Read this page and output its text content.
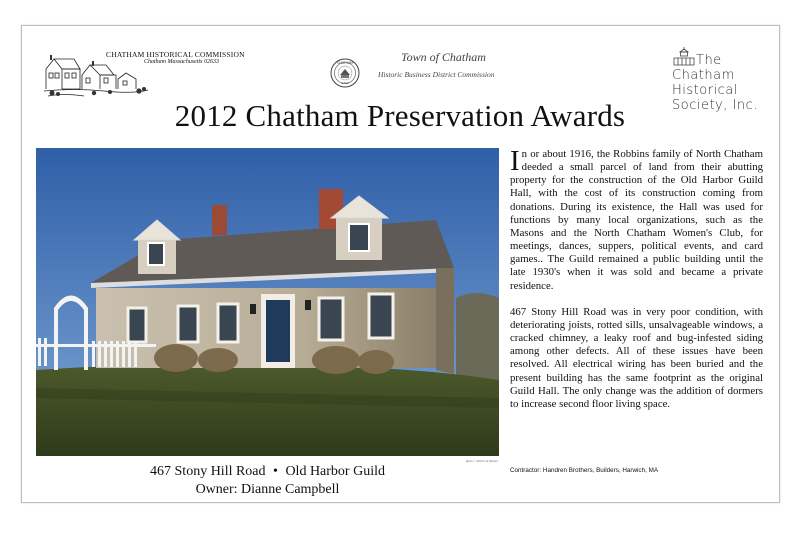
CHATHAM HISTORICAL COMMISSION
Chatham Massachusetts 02633	CHATHAM
1712
Town of Chatham
Historic Business District Commission
The
Chatham
Historical
Society, Inc.
2012 Chatham Preservation Awards
photo © 2012 Lou Sievers
467 Stony Hill Road • Old Harbor Guild
Owner: Dianne Campbell

In or about 1916, the Robbins family of North Chatham deeded a small parcel of land from their abutting property for the construction of the Old Harbor Guild Hall, with the cost of its construction coming from donations. During its existence, the Hall was used for functions by many local organizations, such as the Masons and the North Chatham Women's Club, for meetings, dances, suppers, political events, and card games.. The Guild remained a public building until the late 1930's when it was sold and became a private residence.

467 Stony Hill Road was in very poor condition, with deteriorating joists, rotted sills, unsalvageable windows, a cracked chimney, a leaky roof and bug-infested siding among other defects. All of these issues have been resolved. All electrical wiring has been buried and the present building has the same footprint as the original Guild Hall. The only change was the addition of dormers to increase second floor living space.

Contractor: Handren Brothers, Builders, Harwich, MA
